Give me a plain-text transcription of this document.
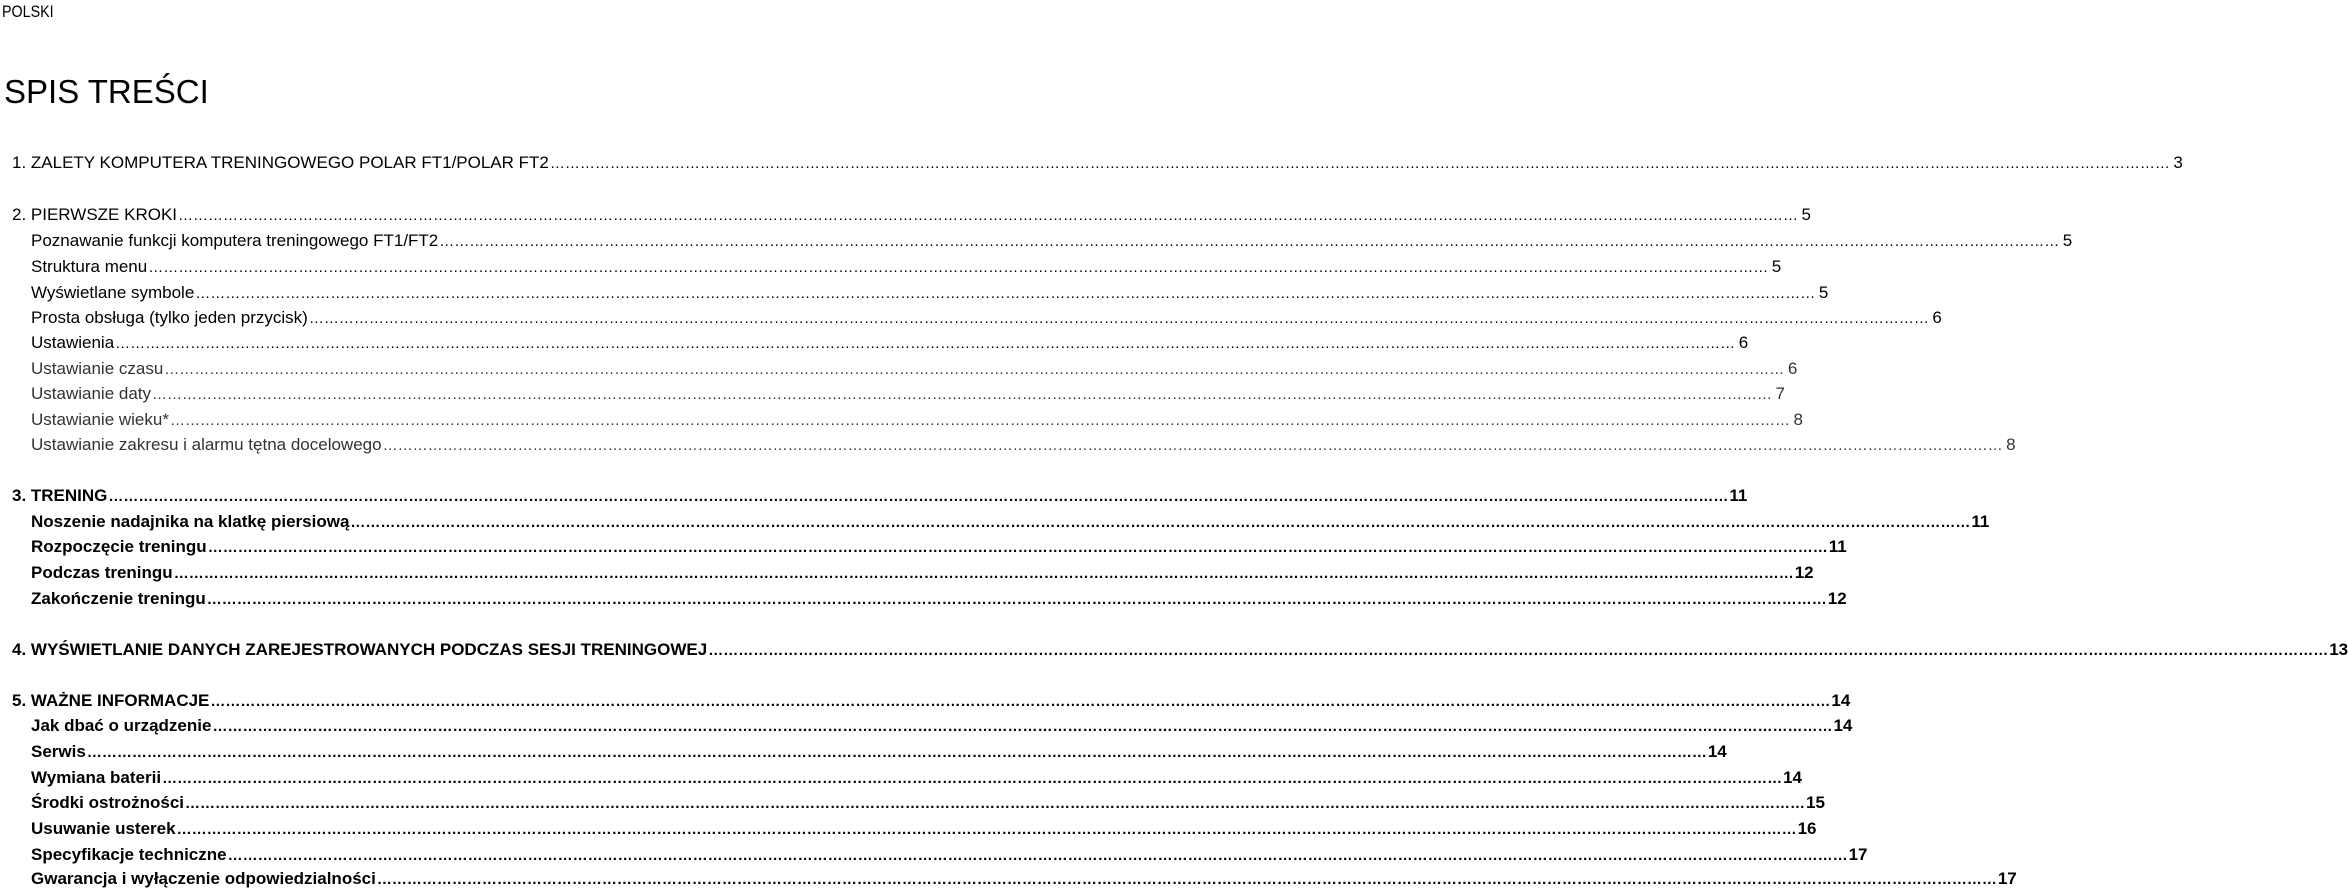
POLSKI
SPIS TREŚCI
1. ZALETY KOMPUTERA TRENINGOWEGO POLAR FT1/POLAR FT2 ………………………………………………………………………………………………………………………………………………………………………………………………………………………………………………………………………………………………	3
2. PIERWSZE KROKI ………………………………………………………………………………………………………………………………………………………………………………………………………………………………………………………………………………………………	5
Poznawanie funkcji komputera treningowego FT1/FT2 ………………………………………………………………………………………………………………………………………………………………………………………………………………………………………………………………………………………………	5
Struktura menu ………………………………………………………………………………………………………………………………………………………………………………………………………………………………………………………………………………………………	5
Wyświetlane symbole ………………………………………………………………………………………………………………………………………………………………………………………………………………………………………………………………………………………………	5
Prosta obsługa (tylko jeden przycisk) ………………………………………………………………………………………………………………………………………………………………………………………………………………………………………………………………………………………………	6
Ustawienia ………………………………………………………………………………………………………………………………………………………………………………………………………………………………………………………………………………………………	6
Ustawianie czasu ………………………………………………………………………………………………………………………………………………………………………………………………………………………………………………………………………………………………	6
Ustawianie daty ………………………………………………………………………………………………………………………………………………………………………………………………………………………………………………………………………………………………	7
Ustawianie wieku* ………………………………………………………………………………………………………………………………………………………………………………………………………………………………………………………………………………………………	8
Ustawianie zakresu i alarmu tętna docelowego ………………………………………………………………………………………………………………………………………………………………………………………………………………………………………………………………………………………………	8
3. TRENING ………………………………………………………………………………………………………………………………………………………………………………………………………………………………………………………………………………………………	11
Noszenie nadajnika na klatkę piersiową ………………………………………………………………………………………………………………………………………………………………………………………………………………………………………………………………………………………………	11
Rozpoczęcie treningu ………………………………………………………………………………………………………………………………………………………………………………………………………………………………………………………………………………………………	11
Podczas treningu ………………………………………………………………………………………………………………………………………………………………………………………………………………………………………………………………………………………………	12
Zakończenie treningu ………………………………………………………………………………………………………………………………………………………………………………………………………………………………………………………………………………………………	12
4. WYŚWIETLANIE DANYCH ZAREJESTROWANYCH PODCZAS SESJI TRENINGOWEJ ………………………………………………………………………………………………………………………………………………………………………………………………………………………………………………………………………………………………	13
5. WAŻNE INFORMACJE ………………………………………………………………………………………………………………………………………………………………………………………………………………………………………………………………………………………………	14
Jak dbać o urządzenie ………………………………………………………………………………………………………………………………………………………………………………………………………………………………………………………………………………………………	14
Serwis ………………………………………………………………………………………………………………………………………………………………………………………………………………………………………………………………………………………………	14
Wymiana baterii ………………………………………………………………………………………………………………………………………………………………………………………………………………………………………………………………………………………………	14
Środki ostrożności ………………………………………………………………………………………………………………………………………………………………………………………………………………………………………………………………………………………………	15
Usuwanie usterek ………………………………………………………………………………………………………………………………………………………………………………………………………………………………………………………………………………………………	16
Specyfikacje techniczne ………………………………………………………………………………………………………………………………………………………………………………………………………………………………………………………………………………………………	17
Gwarancja i wyłączenie odpowiedzialności ………………………………………………………………………………………………………………………………………………………………………………………………………………………………………………………………………………………………	17
